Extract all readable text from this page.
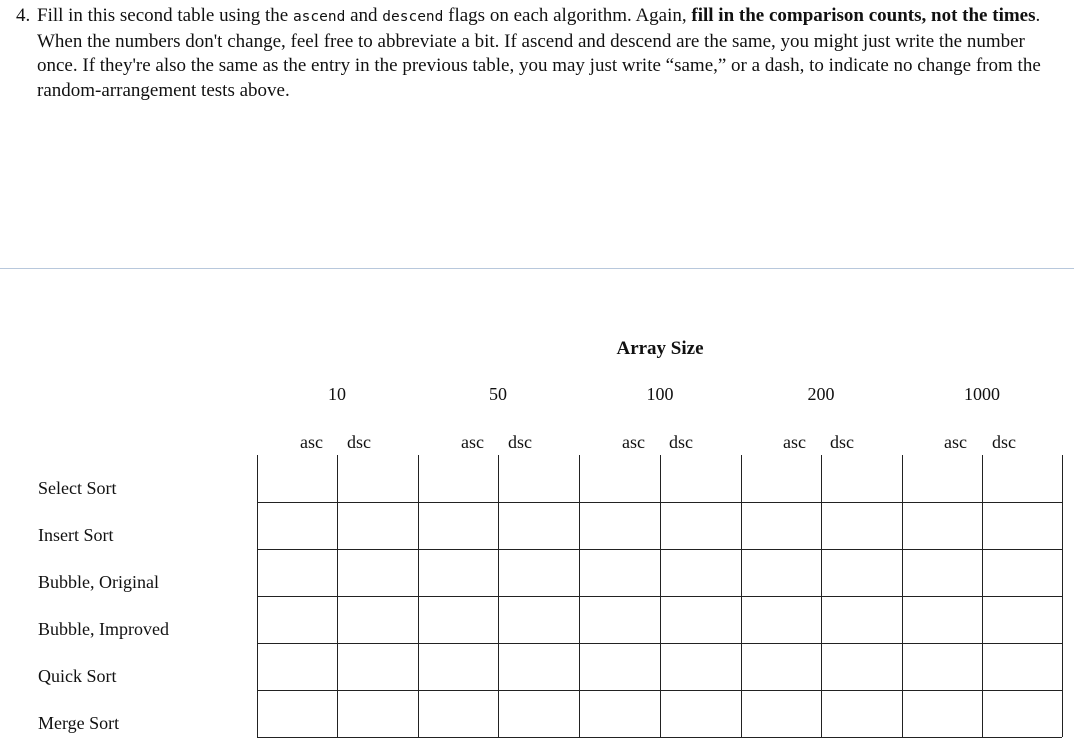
4. Fill in this second table using the ascend and descend flags on each algorithm. Again, fill in the comparison counts, not the times. When the numbers don't change, feel free to abbreviate a bit. If ascend and descend are the same, you might just write the number once. If they're also the same as the entry in the previous table, you may just write “same,” or a dash, to indicate no change from the random-arrangement tests above.

Array Size
10	50	100	200	1000
asc dsc	asc dsc	asc dsc	asc dsc	asc dsc
Select Sort
Insert Sort
Bubble, Original
Bubble, Improved
Quick Sort
Merge Sort
